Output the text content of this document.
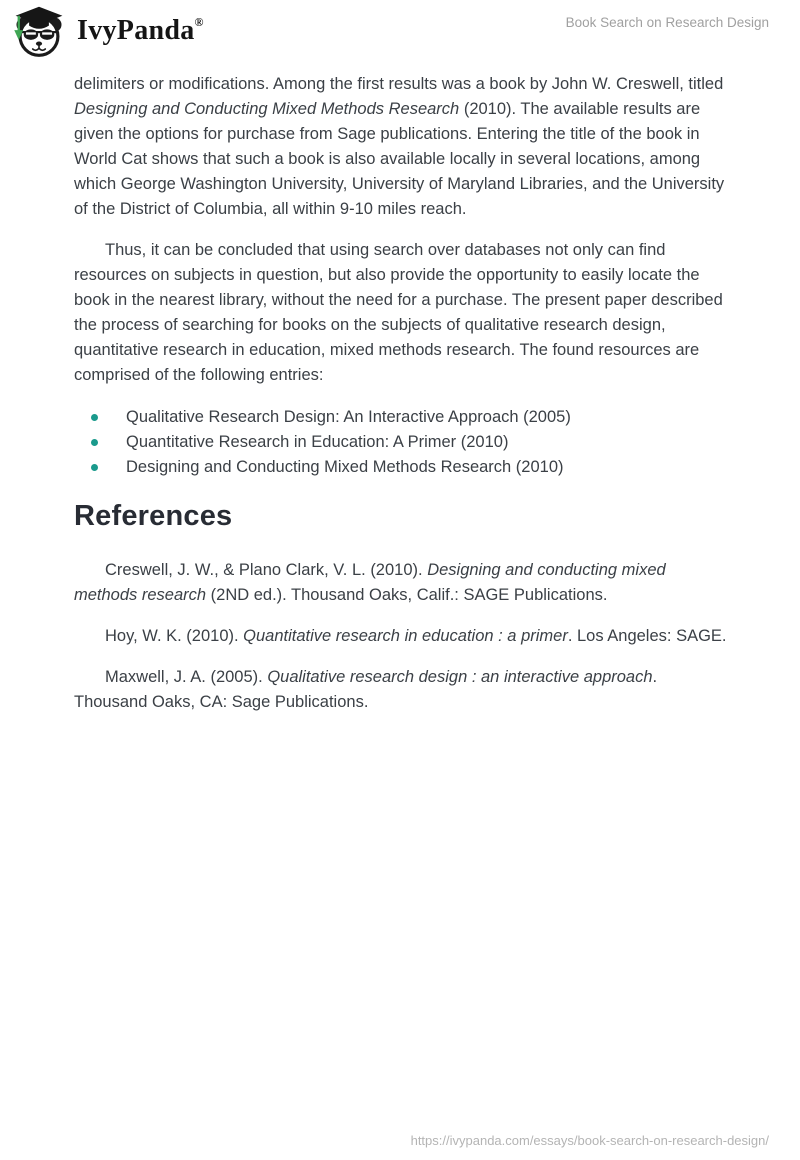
IvyPanda®	Book Search on Research Design

delimiters or modifications. Among the first results was a book by John W. Creswell, titled Designing and Conducting Mixed Methods Research (2010). The available results are given the options for purchase from Sage publications. Entering the title of the book in World Cat shows that such a book is also available locally in several locations, among which George Washington University, University of Maryland Libraries, and the University of the District of Columbia, all within 9-10 miles reach.

Thus, it can be concluded that using search over databases not only can find resources on subjects in question, but also provide the opportunity to easily locate the book in the nearest library, without the need for a purchase. The present paper described the process of searching for books on the subjects of qualitative research design, quantitative research in education, mixed methods research. The found resources are comprised of the following entries:

Qualitative Research Design: An Interactive Approach (2005)
Quantitative Research in Education: A Primer (2010)
Designing and Conducting Mixed Methods Research (2010)
References

Creswell, J. W., & Plano Clark, V. L. (2010). Designing and conducting mixed methods research (2ND ed.). Thousand Oaks, Calif.: SAGE Publications.

Hoy, W. K. (2010). Quantitative research in education : a primer. Los Angeles: SAGE.

Maxwell, J. A. (2005). Qualitative research design : an interactive approach. Thousand Oaks, CA: Sage Publications.

https://ivypanda.com/essays/book-search-on-research-design/
